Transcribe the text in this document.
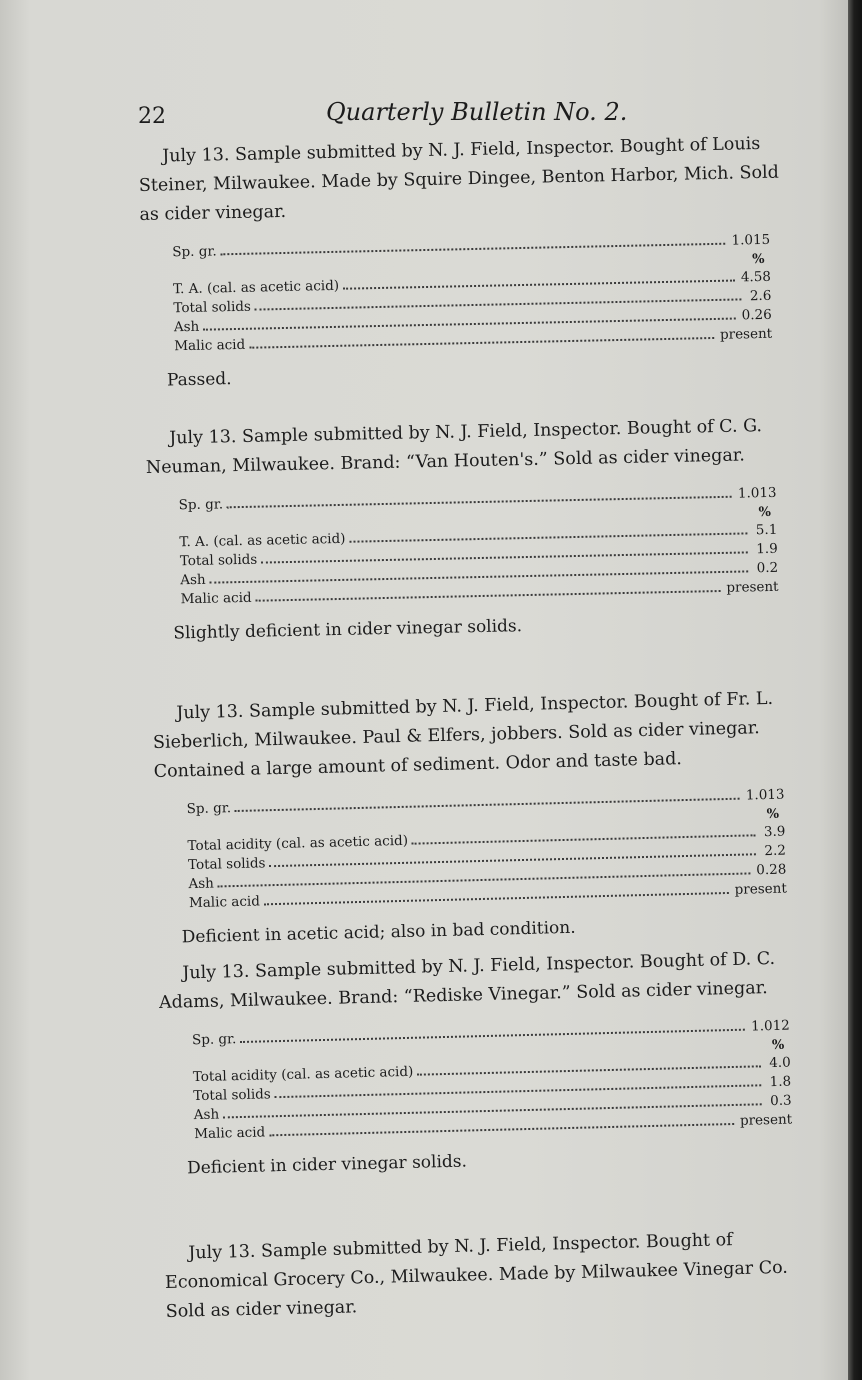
22	Quarterly Bulletin No. 2.

July 13. Sample submitted by N. J. Field, Inspector. Bought of Louis Steiner, Milwaukee. Made by Squire Dingee, Benton Harbor, Mich. Sold as cider vinegar.

Sp. gr.
1.015
%
T. A. (cal. as acetic acid)
4.58
Total solids
2.6
Ash
0.26
Malic acid
present
Passed.

July 13. Sample submitted by N. J. Field, Inspector. Bought of C. G. Neuman, Milwaukee. Brand: “Van Houten's.” Sold as cider vinegar.

Sp. gr.
1.013
%
T. A. (cal. as acetic acid)
5.1
Total solids
1.9
Ash
0.2
Malic acid
present
Slightly deficient in cider vinegar solids.

July 13. Sample submitted by N. J. Field, Inspector. Bought of Fr. L. Sieberlich, Milwaukee. Paul & Elfers, jobbers. Sold as cider vinegar. Contained a large amount of sediment. Odor and taste bad.

Sp. gr.
1.013
%
Total acidity (cal. as acetic acid)
3.9
Total solids
2.2
Ash
0.28
Malic acid
present
Deficient in acetic acid; also in bad condition.

July 13. Sample submitted by N. J. Field, Inspector. Bought of D. C. Adams, Milwaukee. Brand: “Rediske Vinegar.” Sold as cider vinegar.

Sp. gr.
1.012
%
Total acidity (cal. as acetic acid)
4.0
Total solids
1.8
Ash
0.3
Malic acid
present
Deficient in cider vinegar solids.

July 13. Sample submitted by N. J. Field, Inspector. Bought of Economical Grocery Co., Milwaukee. Made by Milwaukee Vinegar Co. Sold as cider vinegar.
